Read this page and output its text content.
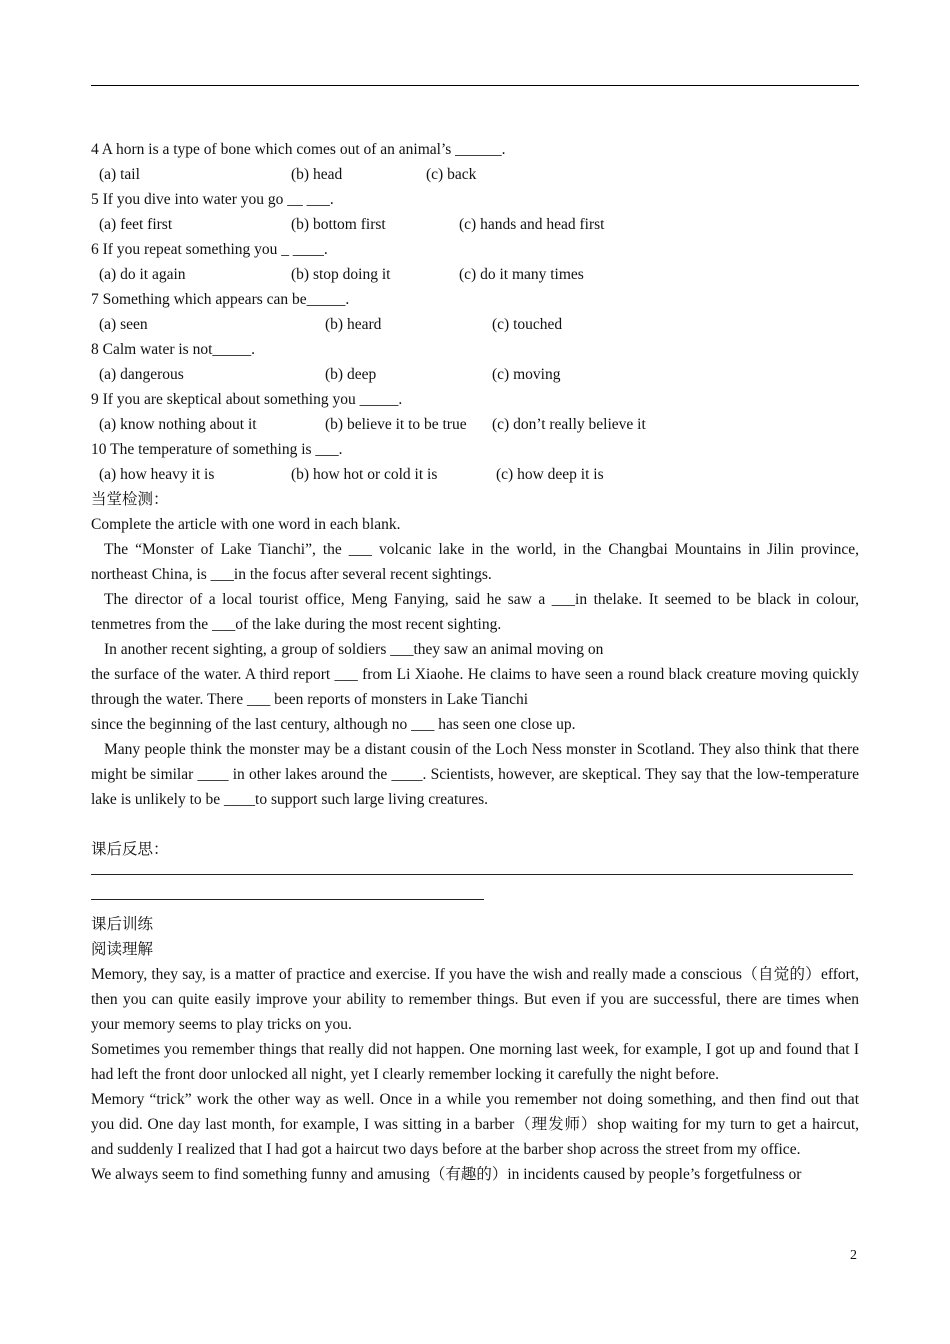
4 A horn is a type of bone which comes out of an animal’s ______.
(a) tail	(b) head	(c) back
5 If you dive into water you go __ ___.
(a) feet first	(b) bottom first	(c) hands and head first
6 If you repeat something you _ ____.
(a) do it again	(b) stop doing it	(c) do it many times
7 Something which appears can be_____.
(a) seen	(b) heard	(c) touched
8 Calm water is not_____.
(a) dangerous	(b) deep	(c) moving
9 If you are skeptical about something you _____.
(a) know nothing about it	(b) believe it to be true (c) don’t really believe it
10 The temperature of something is ___.
(a) how heavy it is	(b) how hot or cold it is	(c) how deep it is
当堂检测：
Complete the article with one word in each blank.
The “Monster of Lake Tianchi”, the ___ volcanic lake in the world, in the Changbai Mountains in Jilin province, northeast China, is ___in the focus after several recent sightings.
The director of a local tourist office, Meng Fanying, said he saw a ___in thelake. It seemed to be black in colour, tenmetres from the ___of the lake during the most recent sighting.
In another recent sighting, a group of soldiers ___they saw an animal moving on
the surface of the water. A third report ___ from Li Xiaohe. He claims to have seen a round black creature moving quickly through the water. There ___ been reports of monsters in Lake Tianchi
since the beginning of the last century, although no ___ has seen one close up.
Many people think the monster may be a distant cousin of the Loch Ness monster in Scotland. They also think that there might be similar ____ in other lakes around the ____. Scientists, however, are skeptical. They say that the low-temperature lake is unlikely to be ____to support such large living creatures.
课后反思：
课后训练
阅读理解
Memory, they say, is a matter of practice and exercise. If you have the wish and really made a conscious（自觉的）effort, then you can quite easily improve your ability to remember things. But even if you are successful, there are times when your memory seems to play tricks on you.
Sometimes you remember things that really did not happen. One morning last week, for example, I got up and found that I had left the front door unlocked all night, yet I clearly remember locking it carefully the night before.
Memory “trick” work the other way as well. Once in a while you remember not doing something, and then find out that you did. One day last month, for example, I was sitting in a barber（理发师）shop waiting for my turn to get a haircut, and suddenly I realized that I had got a haircut two days before at the barber shop across the street from my office.
We always seem to find something funny and amusing（有趣的）in incidents caused by people’s forgetfulness or
2
